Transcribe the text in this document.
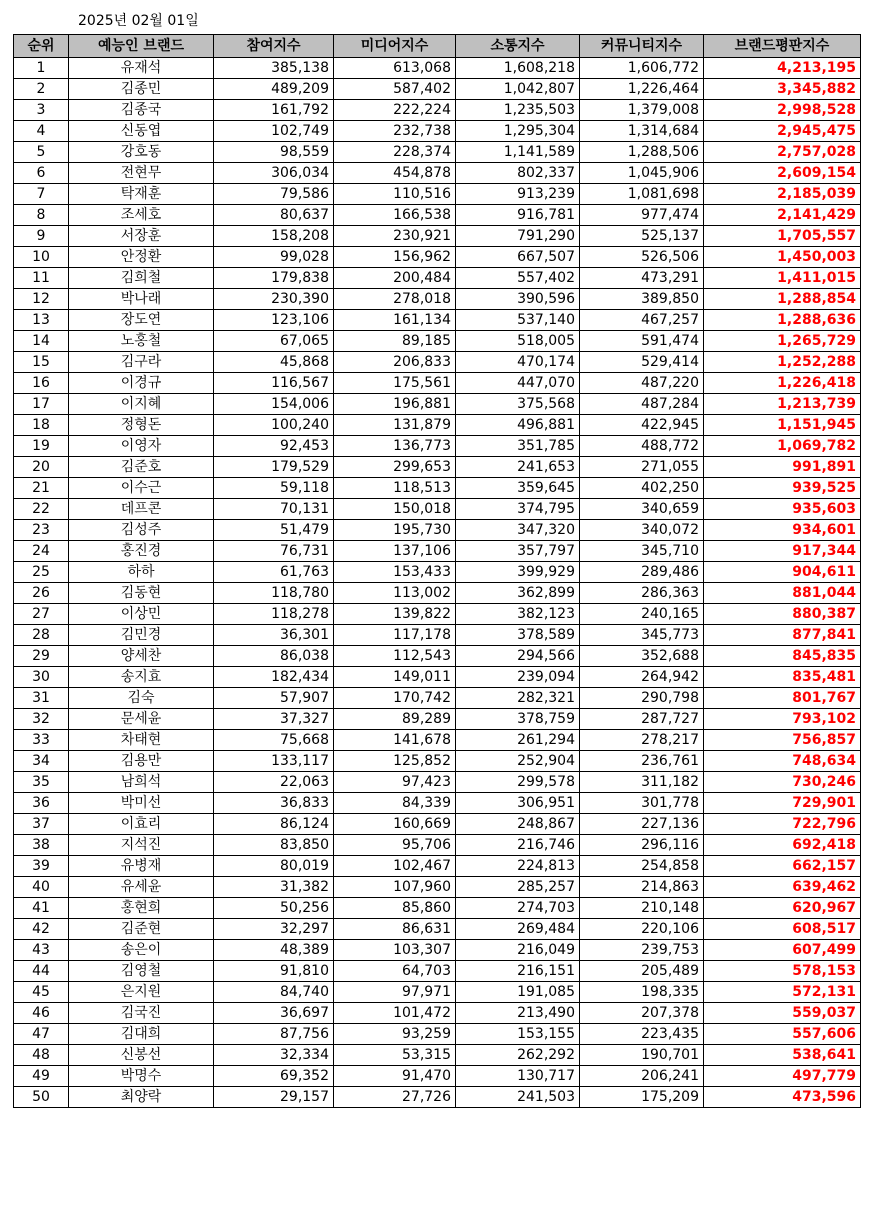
2025년 02월 01일
순위	예능인 브랜드	참여지수	미디어지수	소통지수	커뮤니티지수	브랜드평판지수
1	유재석	385,138	613,068	1,608,218	1,606,772	4,213,195
2	김종민	489,209	587,402	1,042,807	1,226,464	3,345,882
3	김종국	161,792	222,224	1,235,503	1,379,008	2,998,528
4	신동엽	102,749	232,738	1,295,304	1,314,684	2,945,475
5	강호동	98,559	228,374	1,141,589	1,288,506	2,757,028
6	전현무	306,034	454,878	802,337	1,045,906	2,609,154
7	탁재훈	79,586	110,516	913,239	1,081,698	2,185,039
8	조세호	80,637	166,538	916,781	977,474	2,141,429
9	서장훈	158,208	230,921	791,290	525,137	1,705,557
10	안정환	99,028	156,962	667,507	526,506	1,450,003
11	김희철	179,838	200,484	557,402	473,291	1,411,015
12	박나래	230,390	278,018	390,596	389,850	1,288,854
13	장도연	123,106	161,134	537,140	467,257	1,288,636
14	노홍철	67,065	89,185	518,005	591,474	1,265,729
15	김구라	45,868	206,833	470,174	529,414	1,252,288
16	이경규	116,567	175,561	447,070	487,220	1,226,418
17	이지혜	154,006	196,881	375,568	487,284	1,213,739
18	정형돈	100,240	131,879	496,881	422,945	1,151,945
19	이영자	92,453	136,773	351,785	488,772	1,069,782
20	김준호	179,529	299,653	241,653	271,055	991,891
21	이수근	59,118	118,513	359,645	402,250	939,525
22	데프콘	70,131	150,018	374,795	340,659	935,603
23	김성주	51,479	195,730	347,320	340,072	934,601
24	홍진경	76,731	137,106	357,797	345,710	917,344
25	하하	61,763	153,433	399,929	289,486	904,611
26	김동현	118,780	113,002	362,899	286,363	881,044
27	이상민	118,278	139,822	382,123	240,165	880,387
28	김민경	36,301	117,178	378,589	345,773	877,841
29	양세찬	86,038	112,543	294,566	352,688	845,835
30	송지효	182,434	149,011	239,094	264,942	835,481
31	김숙	57,907	170,742	282,321	290,798	801,767
32	문세윤	37,327	89,289	378,759	287,727	793,102
33	차태현	75,668	141,678	261,294	278,217	756,857
34	김용만	133,117	125,852	252,904	236,761	748,634
35	남희석	22,063	97,423	299,578	311,182	730,246
36	박미선	36,833	84,339	306,951	301,778	729,901
37	이효리	86,124	160,669	248,867	227,136	722,796
38	지석진	83,850	95,706	216,746	296,116	692,418
39	유병재	80,019	102,467	224,813	254,858	662,157
40	유세윤	31,382	107,960	285,257	214,863	639,462
41	홍현희	50,256	85,860	274,703	210,148	620,967
42	김준현	32,297	86,631	269,484	220,106	608,517
43	송은이	48,389	103,307	216,049	239,753	607,499
44	김영철	91,810	64,703	216,151	205,489	578,153
45	은지원	84,740	97,971	191,085	198,335	572,131
46	김국진	36,697	101,472	213,490	207,378	559,037
47	김대희	87,756	93,259	153,155	223,435	557,606
48	신봉선	32,334	53,315	262,292	190,701	538,641
49	박명수	69,352	91,470	130,717	206,241	497,779
50	최양락	29,157	27,726	241,503	175,209	473,596
